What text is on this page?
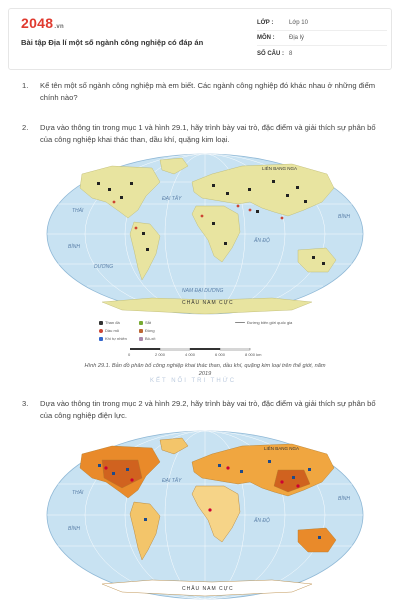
2048.vn
Bài tập Địa lí một số ngành công nghiệp có đáp án
LỚP :	Lớp 10
MÔN :	Địa lý
SỐ CÂU : 8
1.	Kể tên một số ngành công nghiệp mà em biết. Các ngành công nghiệp đó khác nhau ở những điểm chính nào?
2.	Dựa vào thông tin trong mục 1 và hình 29.1, hãy trình bày vai trò, đặc điểm và giải thích sự phân bố của công nghiệp khai thác than, dầu khí, quặng kim loại.
THÁI
ĐẠI TÂY
BÌNH
BÌNH
ẤN ĐỘ
DƯƠNG
LIÊN BANG NGA
NAM ĐẠI DƯƠNG
CHÂU NAM CỰC
Than đá	Sắt
Dầu mỏ	Đồng
Khí tự nhiên	Bô-xít
Đường biên giới quốc gia
0	2 000	4 000	6 000	8 000 km
Hình 29.1. Bản đồ phân bố công nghiệp khai thác than, dầu khí, quặng kim loại trên thế giới, năm 2019
KẾT NỐI TRI THỨC
3.	Dựa vào thông tin trong mục 2 và hình 29.2, hãy trình bày vai trò, đặc điểm và giải thích sự phân bố của công nghiệp điện lực.
THÁI
ĐẠI TÂY
BÌNH
BÌNH
ẤN ĐỘ
LIÊN BANG NGA
CHÂU NAM CỰC
